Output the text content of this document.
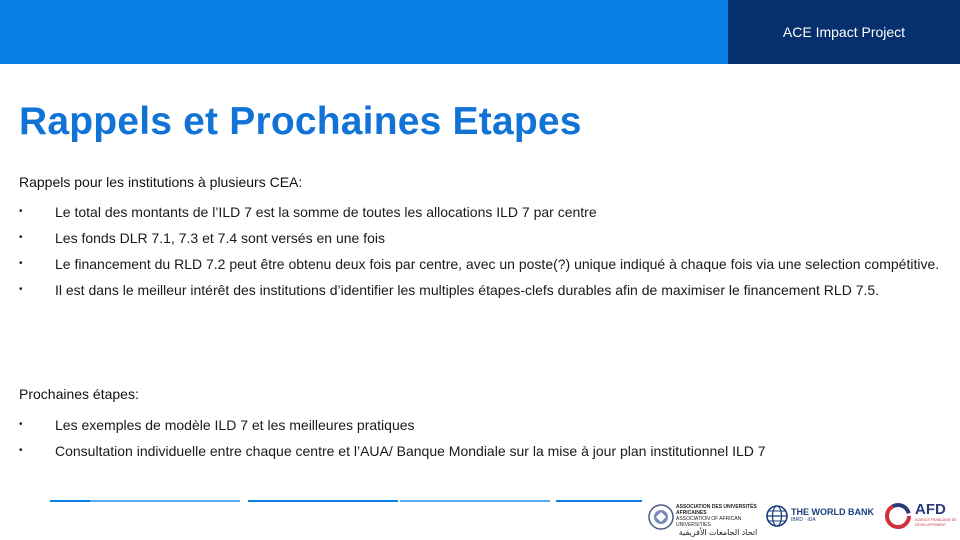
ACE Impact Project
Rappels et Prochaines Etapes

Rappels pour les institutions à plusieurs CEA:

• Le total des montants de l’ILD 7 est la somme de toutes les allocations ILD 7 par centre
• Les fonds DLR 7.1, 7.3 et 7.4 sont versés en une fois
• Le financement du RLD 7.2 peut être obtenu deux fois par centre, avec un poste(?) unique indiqué à chaque fois via une selection compétitive.
• Il est dans le meilleur intérêt des institutions d’identifier les multiples étapes-clefs durables afin de maximiser le financement RLD 7.5.

Prochaines étapes:

• Les exemples de modèle ILD 7 et les meilleures pratiques
• Consultation individuelle entre chaque centre et l’AUA/ Banque Mondiale sur la mise à jour plan institutionnel ILD 7
ASSOCIATION DES UNIVERSITÉS AFRICAINES
ASSOCIATION OF AFRICAN UNIVERSITIES
اتحاد الجامعات الأفريقية
THE WORLD BANK
IBRD · IDA
AFD
AGENCE FRANÇAISE DE DÉVELOPPEMENT
